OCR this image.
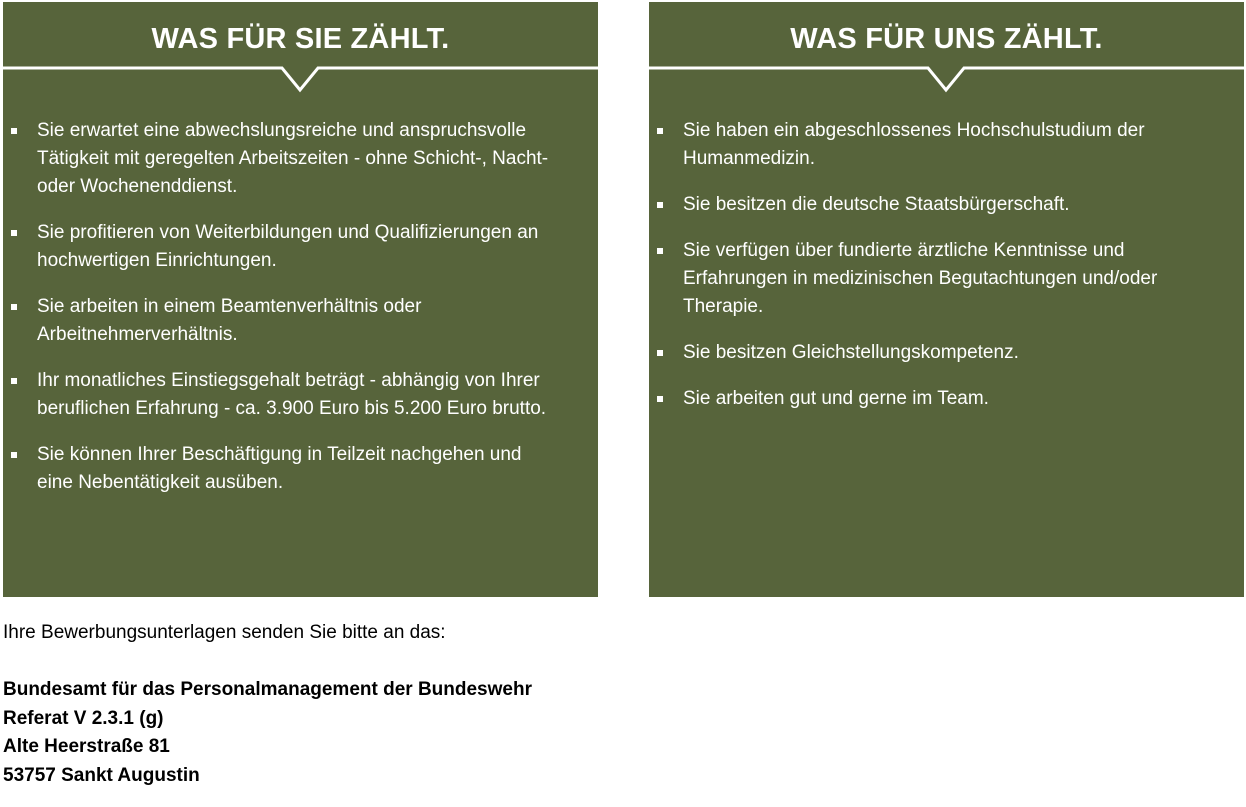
WAS FÜR SIE ZÄHLT.
Sie erwartet eine abwechslungsreiche und anspruchsvolle Tätigkeit mit geregelten Arbeitszeiten - ohne Schicht-, Nacht- oder Wochenenddienst.
Sie profitieren von Weiterbildungen und Qualifizierungen an hochwertigen Einrichtungen.
Sie arbeiten in einem Beamtenverhältnis oder Arbeitnehmerverhältnis.
Ihr monatliches Einstiegsgehalt beträgt - abhängig von Ihrer beruflichen Erfahrung - ca. 3.900 Euro bis 5.200 Euro brutto.
Sie können Ihrer Beschäftigung in Teilzeit nachgehen und eine Nebentätigkeit ausüben.
WAS FÜR UNS ZÄHLT.
Sie haben ein abgeschlossenes Hochschulstudium der Humanmedizin.
Sie besitzen die deutsche Staatsbürgerschaft.
Sie verfügen über fundierte ärztliche Kenntnisse und Erfahrungen in medizinischen Begutachtungen und/oder Therapie.
Sie besitzen Gleichstellungskompetenz.
Sie arbeiten gut und gerne im Team.

Ihre Bewerbungsunterlagen senden Sie bitte an das:

Bundesamt für das Personalmanagement der Bundeswehr
Referat V 2.3.1 (g)
Alte Heerstraße 81
53757 Sankt Augustin
